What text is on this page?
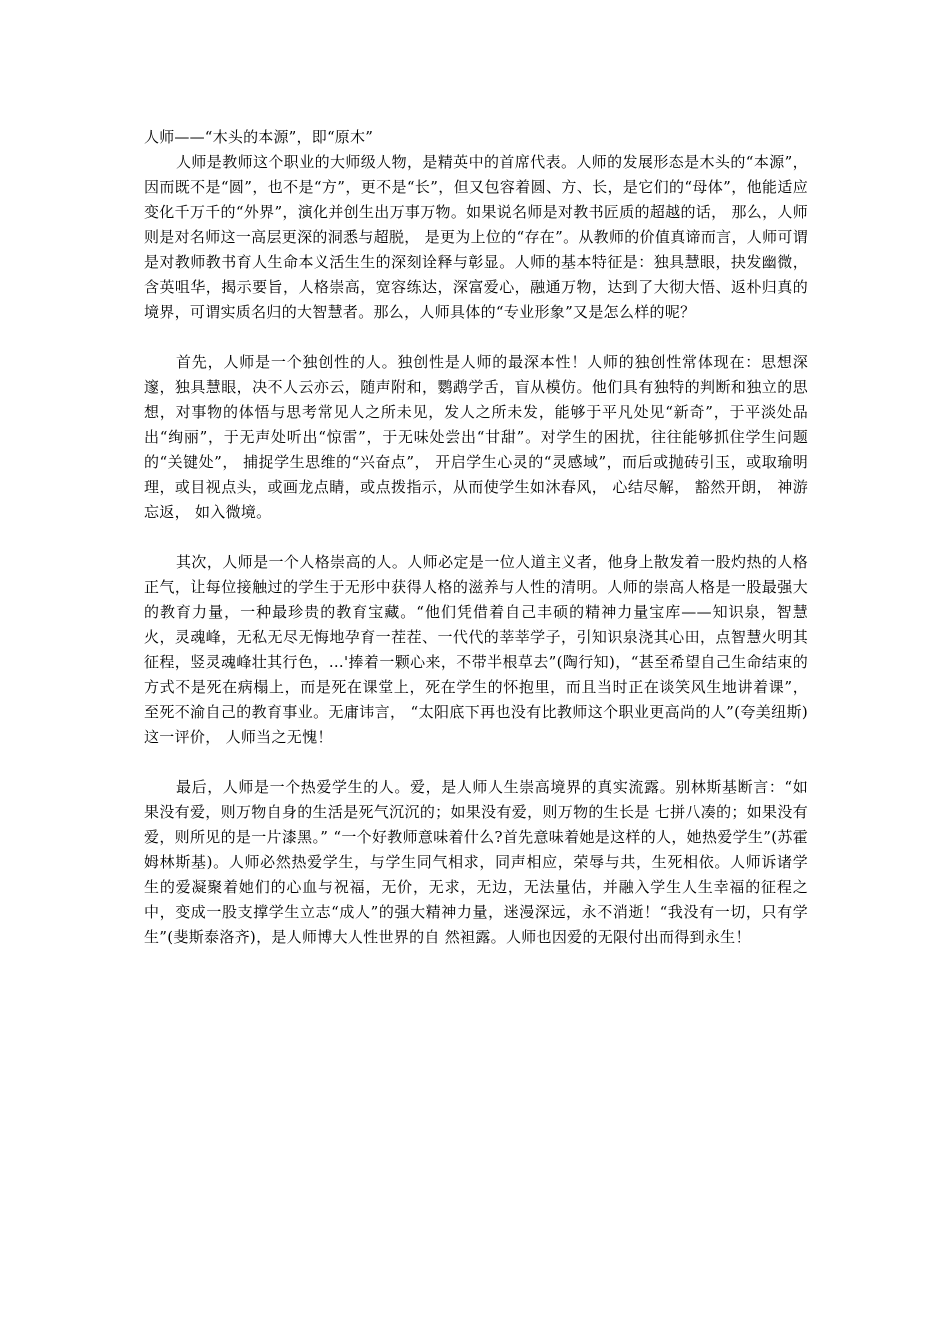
人师——“木头的本源”，即“原木”

人师是教师这个职业的大师级人物，是精英中的首席代表。人师的发展形态是木头的“本源”，因而既不是“圆”，也不是“方”，更不是“长”，但又包容着圆、方、长，是它们的“母体”，他能适应变化千万千的“外界”，演化并创生出万事万物。如果说名师是对教书匠质的超越的话， 那么，人师则是对名师这一高层更深的洞悉与超脱， 是更为上位的“存在”。从教师的价值真谛而言，人师可谓是对教师教书育人生命本义活生生的深刻诠释与彰显。人师的基本特征是：独具慧眼，抉发幽微，含英咀华，揭示要旨，人格崇高，宽容练达，深富爱心，融通万物，达到了大彻大悟、返朴归真的境界，可谓实质名归的大智慧者。那么，人师具体的“专业形象”又是怎么样的呢？

首先，人师是一个独创性的人。独创性是人师的最深本性！人师的独创性常体现在：思想深邃，独具慧眼，决不人云亦云，随声附和，鹦鹉学舌，盲从模仿。他们具有独特的判断和独立的思想，对事物的体悟与思考常见人之所未见，发人之所未发，能够于平凡处见“新奇”，于平淡处品出“绚丽”，于无声处听出“惊雷”，于无味处尝出“甘甜”。对学生的困扰，往往能够抓住学生问题的“关键处”， 捕捉学生思维的“兴奋点”， 开启学生心灵的“灵感域”，而后或抛砖引玉，或取瑜明理，或目视点头，或画龙点睛，或点拨指示，从而使学生如沐春风， 心结尽解， 豁然开朗， 神游忘返， 如入微境。

其次，人师是一个人格崇高的人。人师必定是一位人道主义者，他身上散发着一股灼热的人格正气，让每位接触过的学生于无形中获得人格的滋养与人性的清明。人师的崇高人格是一股最强大的教育力量，一种最珍贵的教育宝藏。“他们凭借着自己丰硕的精神力量宝库——知识泉，智慧火，灵魂峰，无私无尽无悔地孕育一茬茬、一代代的莘莘学子，引知识泉浇其心田，点智慧火明其征程，竖灵魂峰壮其行色，…'捧着一颗心来，不带半根草去”(陶行知)，“甚至希望自己生命结束的方式不是死在病榻上，而是死在课堂上，死在学生的怀抱里，而且当时正在谈笑风生地讲着课”，至死不渝自己的教育事业。无庸讳言， “太阳底下再也没有比教师这个职业更高尚的人”(夸美纽斯)这一评价， 人师当之无愧！

最后，人师是一个热爱学生的人。爱，是人师人生崇高境界的真实流露。别林斯基断言：“如果没有爱，则万物自身的生活是死气沉沉的；如果没有爱，则万物的生长是 七拼八凑的；如果没有爱，则所见的是一片漆黑。” “一个好教师意味着什么?首先意味着她是这样的人，她热爱学生”(苏霍姆林斯基)。人师必然热爱学生，与学生同气相求，同声相应，荣辱与共，生死相依。人师诉诸学生的爱凝聚着她们的心血与祝福，无价，无求，无边，无法量估，并融入学生人生幸福的征程之中，变成一股支撑学生立志“成人”的强大精神力量，迷漫深远，永不消逝！“我没有一切，只有学生”(斐斯泰洛齐)，是人师博大人性世界的自 然袒露。人师也因爱的无限付出而得到永生！
